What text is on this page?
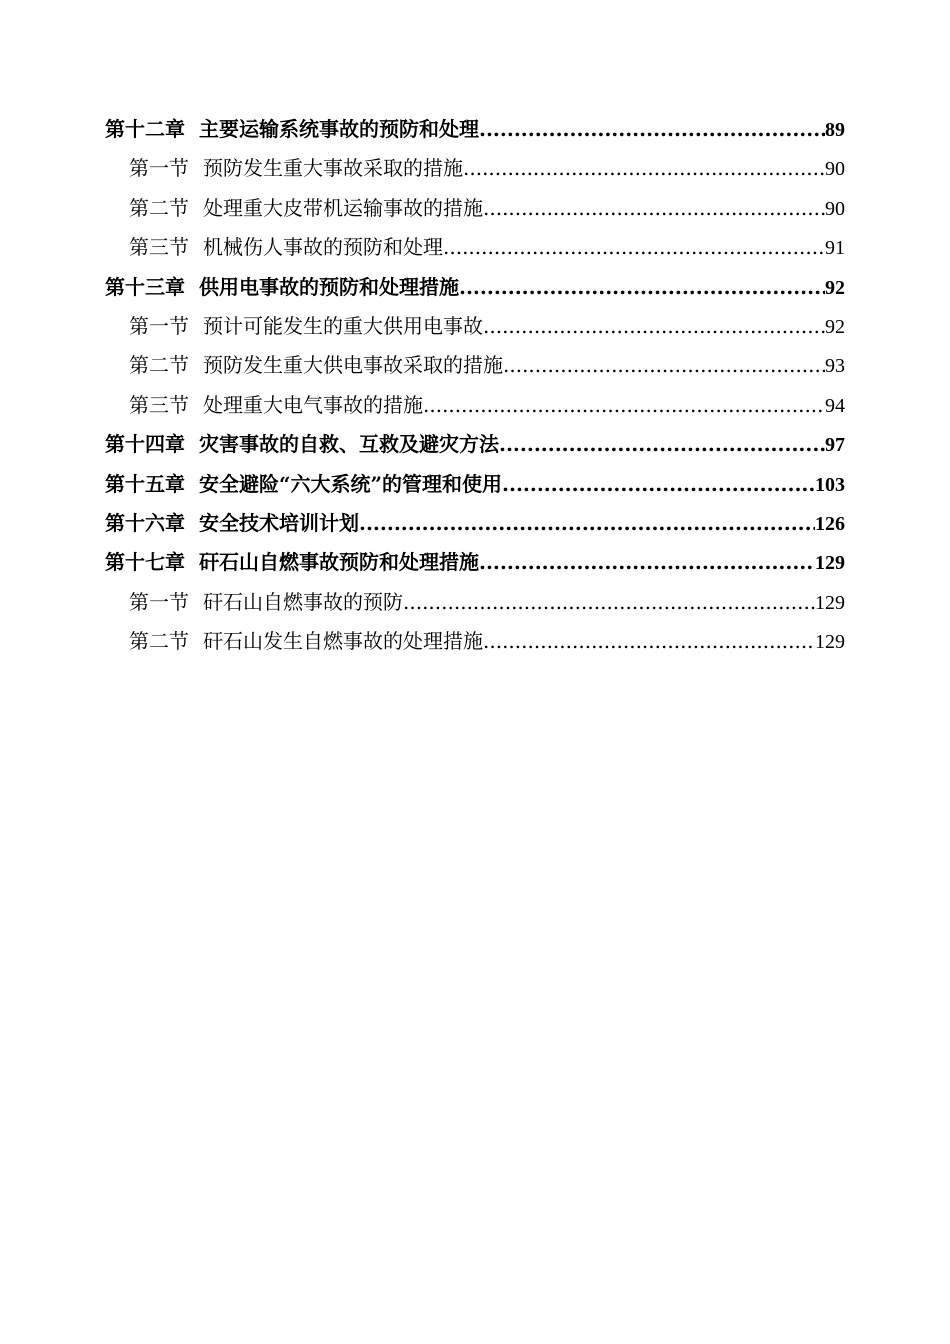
第十二章 主要运输系统事故的预防和处理 .....	89
第一节 预防发生重大事故采取的措施 .....	90
第二节 处理重大皮带机运输事故的措施 .....	90
第三节 机械伤人事故的预防和处理 .....	91
第十三章 供用电事故的预防和处理措施 .....	92
第一节 预计可能发生的重大供用电事故 .....	92
第二节 预防发生重大供电事故采取的措施 .....	93
第三节 处理重大电气事故的措施 .....	94
第十四章 灾害事故的自救、互救及避灾方法 .....	97
第十五章 安全避险“六大系统”的管理和使用 .....	103
第十六章 安全技术培训计划 .....	126
第十七章 矸石山自燃事故预防和处理措施 .....	129
第一节 矸石山自燃事故的预防 .....	129
第二节 矸石山发生自燃事故的处理措施 .....	129
